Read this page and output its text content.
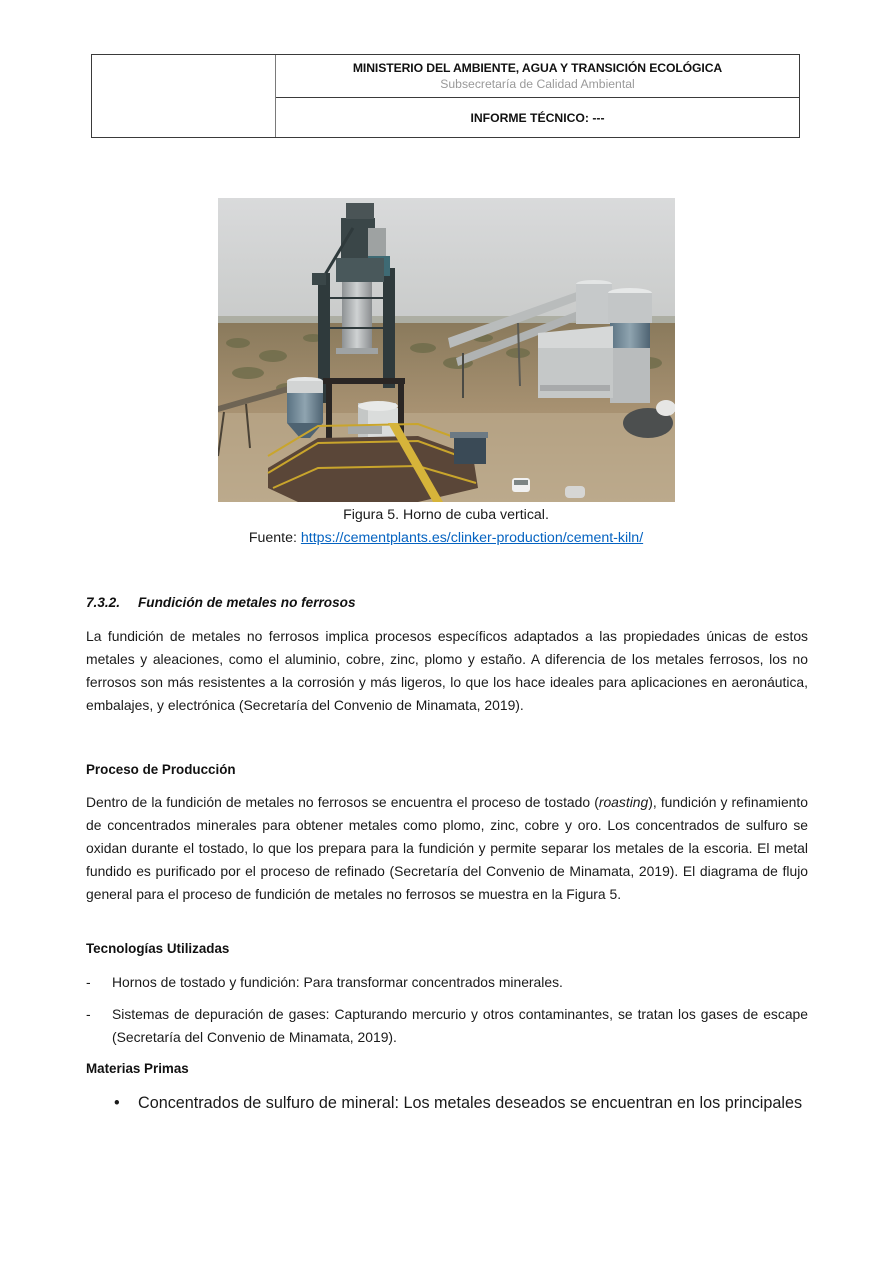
MINISTERIO DEL AMBIENTE, AGUA Y TRANSICIÓN ECOLÓGICA
Subsecretaría de Calidad Ambiental
INFORME TÉCNICO: ---
Figura 5. Horno de cuba vertical.
Fuente: https://cementplants.es/clinker-production/cement-kiln/
7.3.2. Fundición de metales no ferrosos
La fundición de metales no ferrosos implica procesos específicos adaptados a las propiedades únicas de estos metales y aleaciones, como el aluminio, cobre, zinc, plomo y estaño. A diferencia de los metales ferrosos, los no ferrosos son más resistentes a la corrosión y más ligeros, lo que los hace ideales para aplicaciones en aeronáutica, embalajes, y electrónica (Secretaría del Convenio de Minamata, 2019).
Proceso de Producción
Dentro de la fundición de metales no ferrosos se encuentra el proceso de tostado (roasting), fundición y refinamiento de concentrados minerales para obtener metales como plomo, zinc, cobre y oro. Los concentrados de sulfuro se oxidan durante el tostado, lo que los prepara para la fundición y permite separar los metales de la escoria. El metal fundido es purificado por el proceso de refinado (Secretaría del Convenio de Minamata, 2019). El diagrama de flujo general para el proceso de fundición de metales no ferrosos se muestra en la Figura 5.
Tecnologías Utilizadas
- Hornos de tostado y fundición: Para transformar concentrados minerales.
- Sistemas de depuración de gases: Capturando mercurio y otros contaminantes, se tratan los gases de escape (Secretaría del Convenio de Minamata, 2019).
Materias Primas
• Concentrados de sulfuro de mineral: Los metales deseados se encuentran en los principales
